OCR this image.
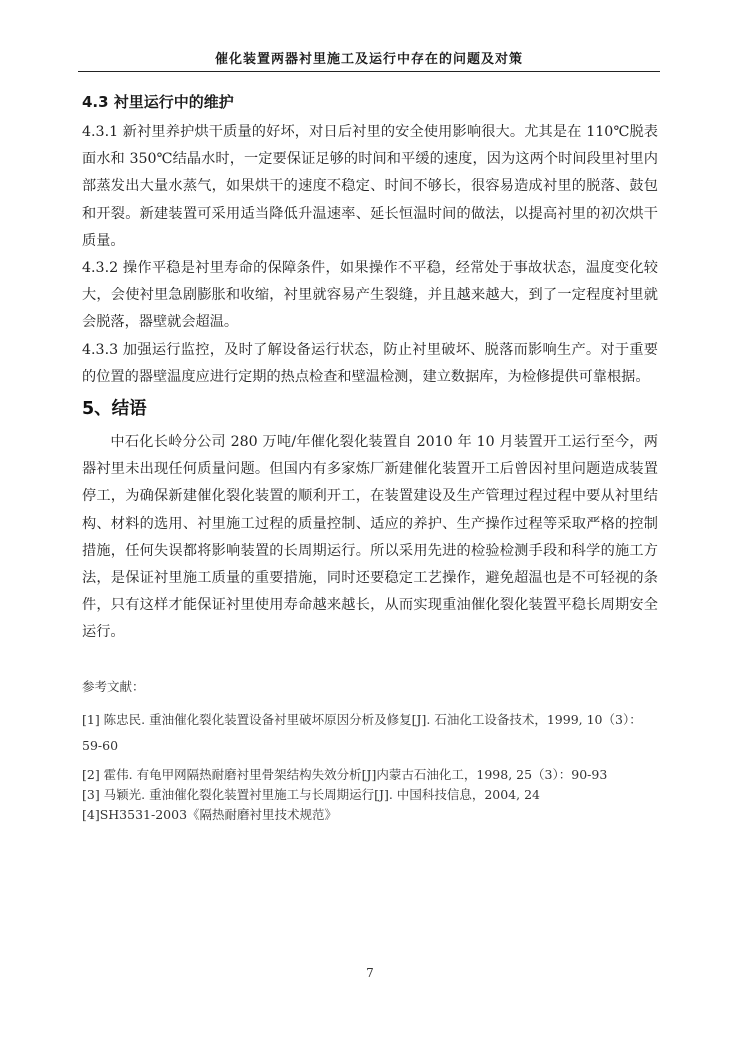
催化装置两器衬里施工及运行中存在的问题及对策
4.3 衬里运行中的维护

4.3.1 新衬里养护烘干质量的好坏，对日后衬里的安全使用影响很大。尤其是在 110℃脱表面水和 350℃结晶水时，一定要保证足够的时间和平缓的速度，因为这两个时间段里衬里内部蒸发出大量水蒸气，如果烘干的速度不稳定、时间不够长，很容易造成衬里的脱落、鼓包和开裂。新建装置可采用适当降低升温速率、延长恒温时间的做法，以提高衬里的初次烘干质量。

4.3.2 操作平稳是衬里寿命的保障条件，如果操作不平稳，经常处于事故状态，温度变化较大，会使衬里急剧膨胀和收缩，衬里就容易产生裂缝，并且越来越大，到了一定程度衬里就会脱落，器壁就会超温。

4.3.3 加强运行监控，及时了解设备运行状态，防止衬里破坏、脱落而影响生产。对于重要的位置的器壁温度应进行定期的热点检查和壁温检测，建立数据库，为检修提供可靠根据。

5、结语

中石化长岭分公司 280 万吨/年催化裂化装置自 2010 年 10 月装置开工运行至今，两器衬里未出现任何质量问题。但国内有多家炼厂新建催化装置开工后曾因衬里问题造成装置停工，为确保新建催化裂化装置的顺利开工，在装置建设及生产管理过程过程中要从衬里结构、材料的选用、衬里施工过程的质量控制、适应的养护、生产操作过程等采取严格的控制措施，任何失误都将影响装置的长周期运行。所以采用先进的检验检测手段和科学的施工方法，是保证衬里施工质量的重要措施，同时还要稳定工艺操作，避免超温也是不可轻视的条件，只有这样才能保证衬里使用寿命越来越长，从而实现重油催化裂化装置平稳长周期安全运行。

参考文献：

[1] 陈忠民. 重油催化裂化装置设备衬里破坏原因分析及修复[J]. 石油化工设备技术，1999, 10（3）：59-60

[2] 霍伟. 有龟甲网隔热耐磨衬里骨架结构失效分析[J]内蒙古石油化工，1998, 25（3）：90-93

[3] 马颖光. 重油催化裂化装置衬里施工与长周期运行[J]. 中国科技信息，2004, 24

[4]SH3531-2003《隔热耐磨衬里技术规范》

7
